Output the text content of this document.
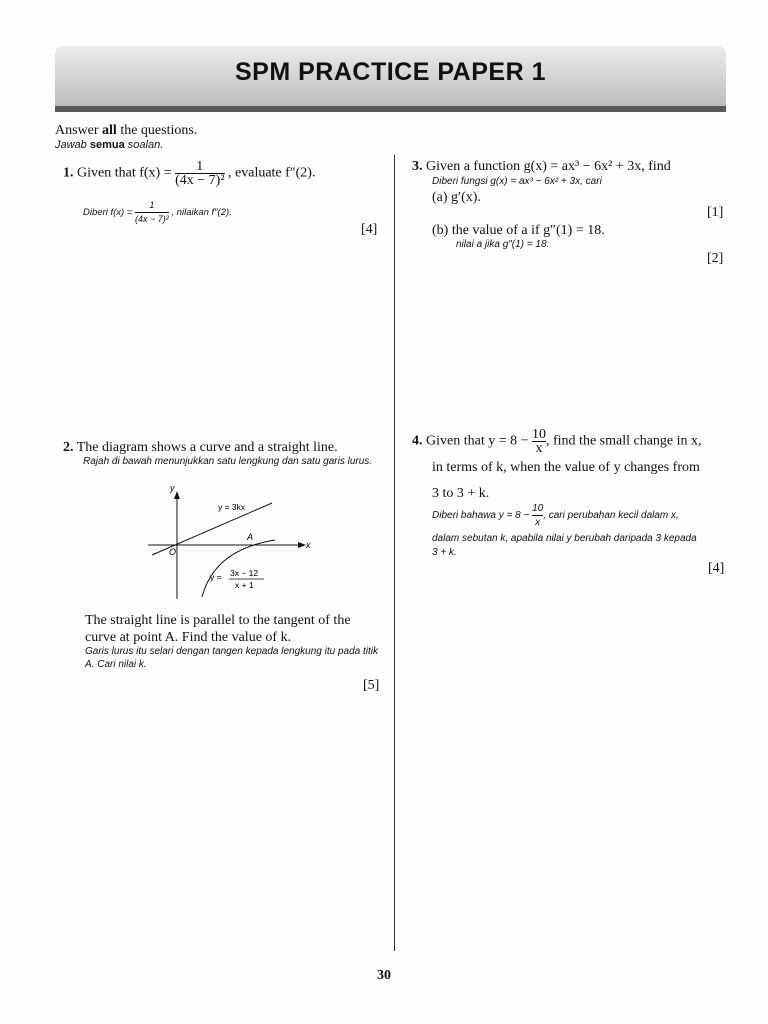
SPM PRACTICE PAPER 1
Answer all the questions.
Jawab semua soalan.
1. Given that $f(x) = \frac{1}{\text{(4x − 7)²}}$ , evaluate f″(2).
Diberi $f(x) = \frac{1}{\text{(4x − 7)²}}$ , nilaikan f″(2).
[4]
2. The diagram shows a curve and a straight line.
Rajah di bawah menunjukkan satu lengkung dan satu garis lurus.
y
x
O
y = 3kx
A
y = 3x − 12
x + 1
The straight line is parallel to the tangent of the curve at point A. Find the value of k.
Garis lurus itu selari dengan tangen kepada lengkung itu pada titik A. Cari nilai k.
[5]
3. Given a function g(x) = ax³ − 6x² + 3x, find
Diberi fungsi g(x) = ax³ − 6x² + 3x, cari
(a) g′(x).
[1]
(b) the value of a if g″(1) = 18.
nilai a jika g″(1) = 18.
[2]
4. Given that $y = 8 - \frac{10}{x}$ , find the small change in x,
in terms of k, when the value of y changes from
3 to 3 + k.
Diberi bahawa $y = 8 - \frac{10}{x}$ , cari perubahan kecil dalam x,
dalam sebutan k, apabila nilai y berubah daripada 3 kepada
3 + k.
[4]
30
